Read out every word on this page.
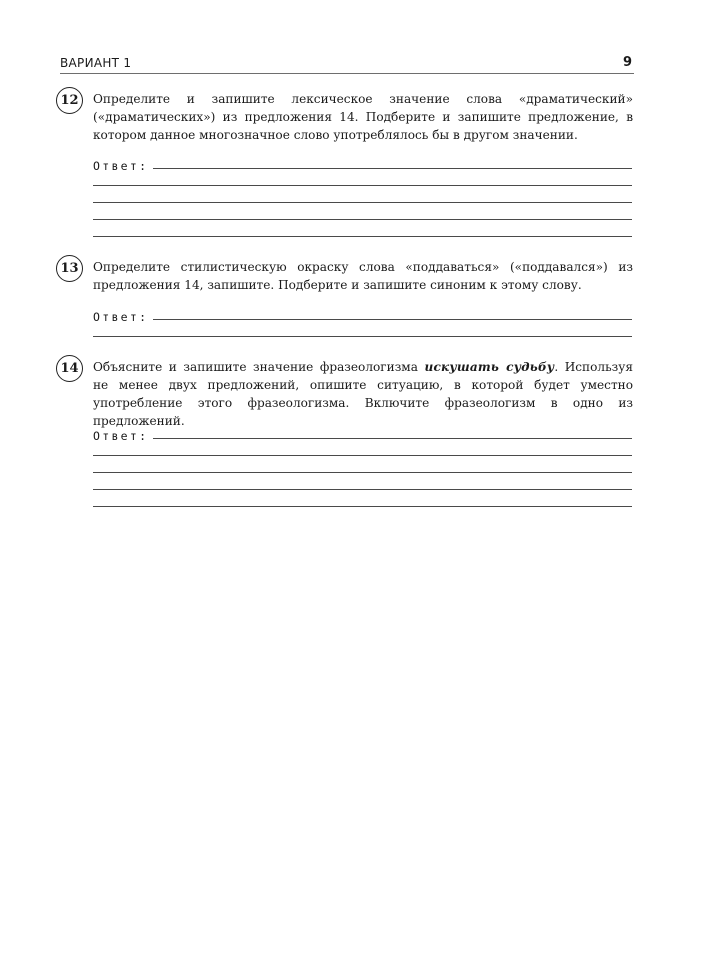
ВАРИАНТ 1	9
12	Определите и запишите лексическое значение слова «драматический» («драматических») из предложения 14. Подберите и запишите предложение, в котором данное многозначное слово употреблялось бы в другом значении.
Ответ:
13	Определите стилистическую окраску слова «поддаваться» («поддавался») из предложения 14, запишите. Подберите и запишите синоним к этому слову.
Ответ:
14	Объясните и запишите значение фразеологизма искушать судьбу. Используя не менее двух предложений, опишите ситуацию, в которой будет уместно употребление этого фразеологизма. Включите фразеологизм в одно из предложений.
Ответ:
